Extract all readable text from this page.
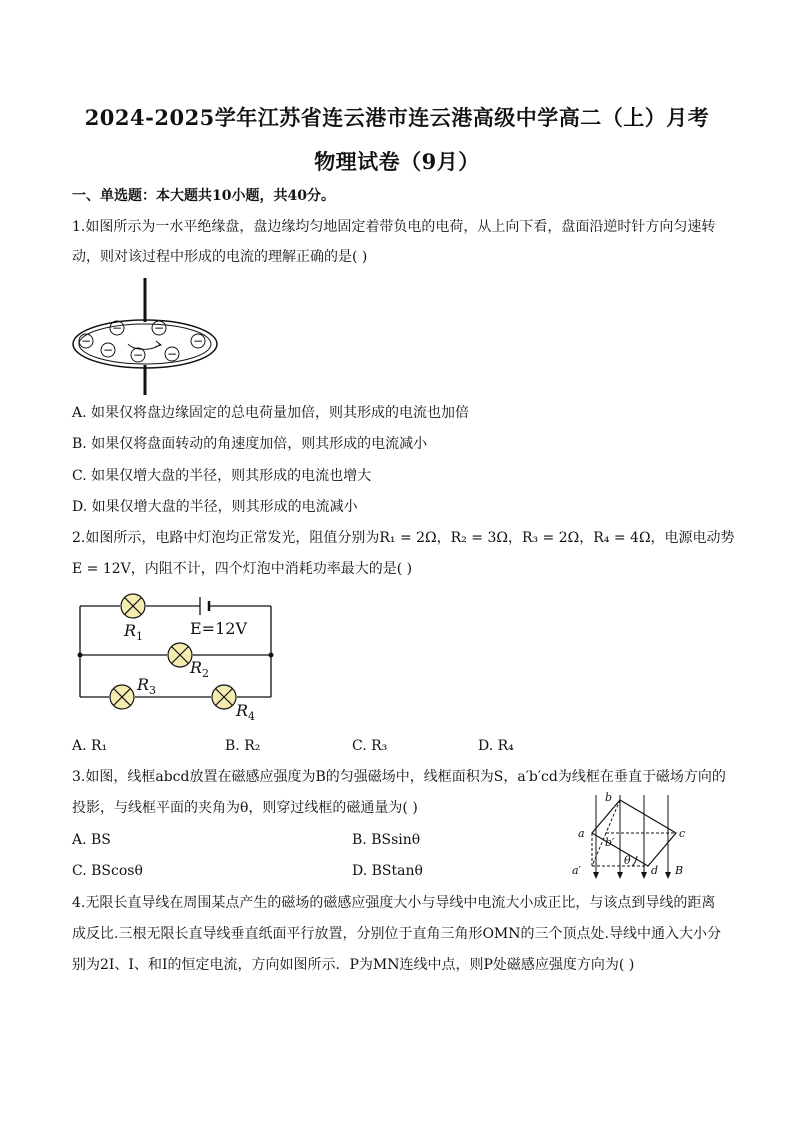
2024-2025学年江苏省连云港市连云港高级中学高二（上）月考
物理试卷（9月）
一、单选题：本大题共10小题，共40分。
1.如图所示为一水平绝缘盘，盘边缘均匀地固定着带负电的电荷，从上向下看，盘面沿逆时针方向匀速转
动，则对该过程中形成的电流的理解正确的是( )
−	−
−	−
− − −
A. 如果仅将盘边缘固定的总电荷量加倍，则其形成的电流也加倍
B. 如果仅将盘面转动的角速度加倍，则其形成的电流减小
C. 如果仅增大盘的半径，则其形成的电流也增大
D. 如果仅增大盘的半径，则其形成的电流减小
2.如图所示，电路中灯泡均正常发光，阻值分别为R₁ = 2Ω，R₂ = 3Ω，R₃ = 2Ω，R₄ = 4Ω，电源电动势
E = 12V，内阻不计，四个灯泡中消耗功率最大的是( )
$R_1$
$R_2$
$R_3$
$R_4$
E=12V
A. R₁	B. R₂	C. R₃	D. R₄
3.如图，线框abcd放置在磁感应强度为B的匀强磁场中，线框面积为S，a′b′cd为线框在垂直于磁场方向的
投影，与线框平面的夹角为θ，则穿过线框的磁通量为( )
A. BS	B. BSsinθ
C. BScosθ	D. BStanθ
a
b
c
d
a′
b′
θ
B
4.无限长直导线在周围某点产生的磁场的磁感应强度大小与导线中电流大小成正比，与该点到导线的距离
成反比.三根无限长直导线垂直纸面平行放置，分别位于直角三角形OMN的三个顶点处.导线中通入大小分
别为2I、I、和I的恒定电流，方向如图所示．P为MN连线中点，则P处磁感应强度方向为( )
